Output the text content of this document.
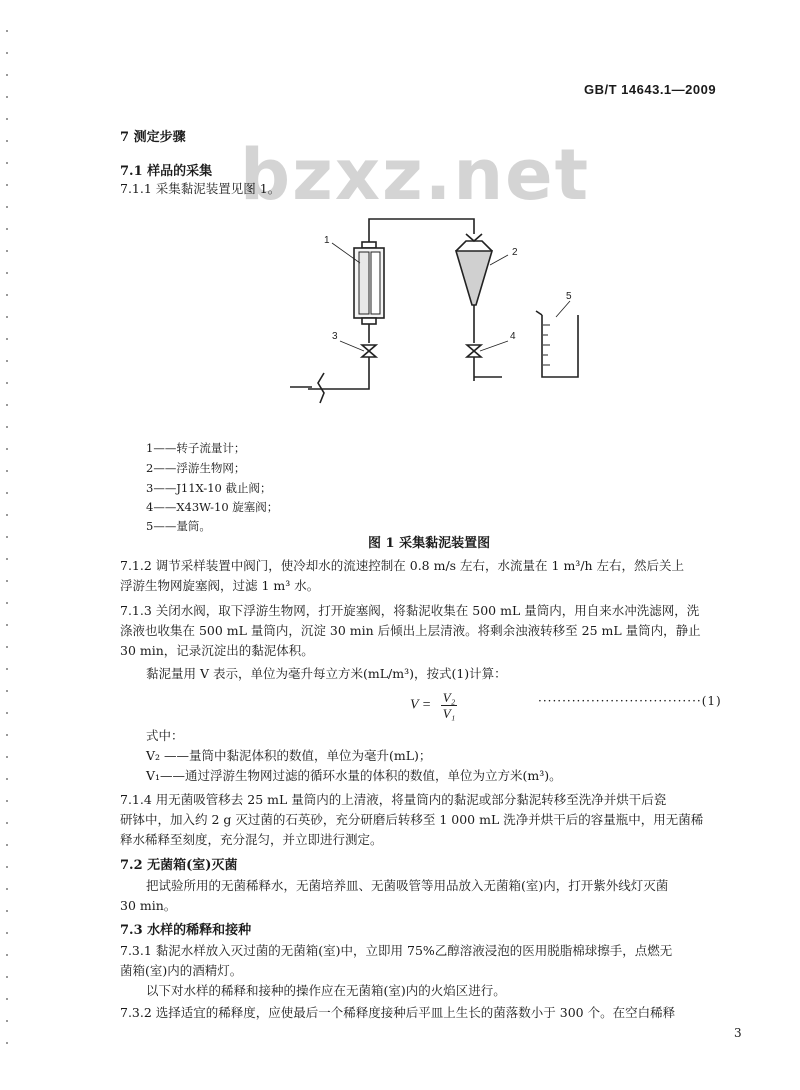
GB/T 14643.1—2009
bzxz.net
7 测定步骤
7.1 样品的采集
7.1.1 采集黏泥装置见图 1。
1
2
3	4
5
1——转子流量计；
2——浮游生物网；
3——J11X-10 截止阀；
4——X43W-10 旋塞阀；
5——量筒。
图 1 采集黏泥装置图
7.1.2 调节采样装置中阀门，使冷却水的流速控制在 0.8 m/s 左右，水流量在 1 m³/h 左右，然后关上
浮游生物网旋塞阀，过滤 1 m³ 水。
7.1.3 关闭水阀，取下浮游生物网，打开旋塞阀，将黏泥收集在 500 mL 量筒内，用自来水冲洗滤网，洗
涤液也收集在 500 mL 量筒内，沉淀 30 min 后倾出上层清液。将剩余浊液转移至 25 mL 量筒内，静止
30 min，记录沉淀出的黏泥体积。
黏泥量用 V 表示，单位为毫升每立方米(mL/m³)，按式(1)计算：
$V = \frac{\text{V₂}}{\text{V₁}}$	··································(1)
式中：
V₂ ——量筒中黏泥体积的数值，单位为毫升(mL)；
V₁——通过浮游生物网过滤的循环水量的体积的数值，单位为立方米(m³)。
7.1.4 用无菌吸管移去 25 mL 量筒内的上清液，将量筒内的黏泥或部分黏泥转移至洗净并烘干后瓷
研钵中，加入约 2 g 灭过菌的石英砂，充分研磨后转移至 1 000 mL 洗净并烘干后的容量瓶中，用无菌稀
释水稀释至刻度，充分混匀，并立即进行测定。
7.2 无菌箱(室)灭菌
把试验所用的无菌稀释水，无菌培养皿、无菌吸管等用品放入无菌箱(室)内，打开紫外线灯灭菌
30 min。
7.3 水样的稀释和接种
7.3.1 黏泥水样放入灭过菌的无菌箱(室)中，立即用 75%乙醇溶液浸泡的医用脱脂棉球擦手，点燃无
菌箱(室)内的酒精灯。
以下对水样的稀释和接种的操作应在无菌箱(室)内的火焰区进行。
7.3.2 选择适宜的稀释度，应使最后一个稀释度接种后平皿上生长的菌落数小于 300 个。在空白稀释
3
